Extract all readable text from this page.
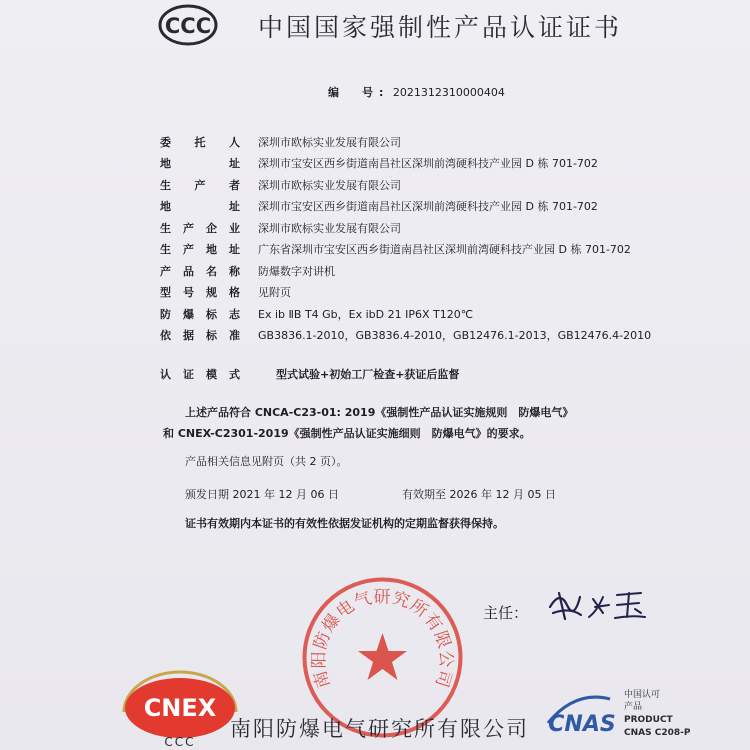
CCC 中国国家强制性产品认证证书
编　号: 2021312310000404
委 托 人 深圳市欧标实业发展有限公司
地	址 深圳市宝安区西乡街道南昌社区深圳前湾硬科技产业园 D 栋 701-702
生 产 者 深圳市欧标实业发展有限公司
地	址 深圳市宝安区西乡街道南昌社区深圳前湾硬科技产业园 D 栋 701-702
生 产 企 业 深圳市欧标实业发展有限公司
生 产 地 址 广东省深圳市宝安区西乡街道南昌社区深圳前湾硬科技产业园 D 栋 701-702
产 品 名 称 防爆数字对讲机
型 号 规 格 见附页
防 爆 标 志 Ex ib ⅡB T4 Gb，Ex ibD 21 IP6X T120℃
依 据 标 准 GB3836.1-2010，GB3836.4-2010，GB12476.1-2013，GB12476.4-2010
认 证 模 式	型式试验+初始工厂检查+获证后监督
上述产品符合 CNCA-C23-01: 2019《强制性产品认证实施规则　防爆电气》
和 CNEX-C2301-2019《强制性产品认证实施细则　防爆电气》的要求。
产品相关信息见附页（共 2 页）。
颁发日期 2021 年 12 月 06 日	有效期至 2026 年 12 月 05 日
证书有效期内本证书的有效性依据发证机构的定期监督获得保持。
南阳防爆电气研究所有限公司
CNEX
CCC
南阳防爆电气研究所有限公司 CNAS
中国认可
产品
PRODUCT
CNAS C208-P
主任：
